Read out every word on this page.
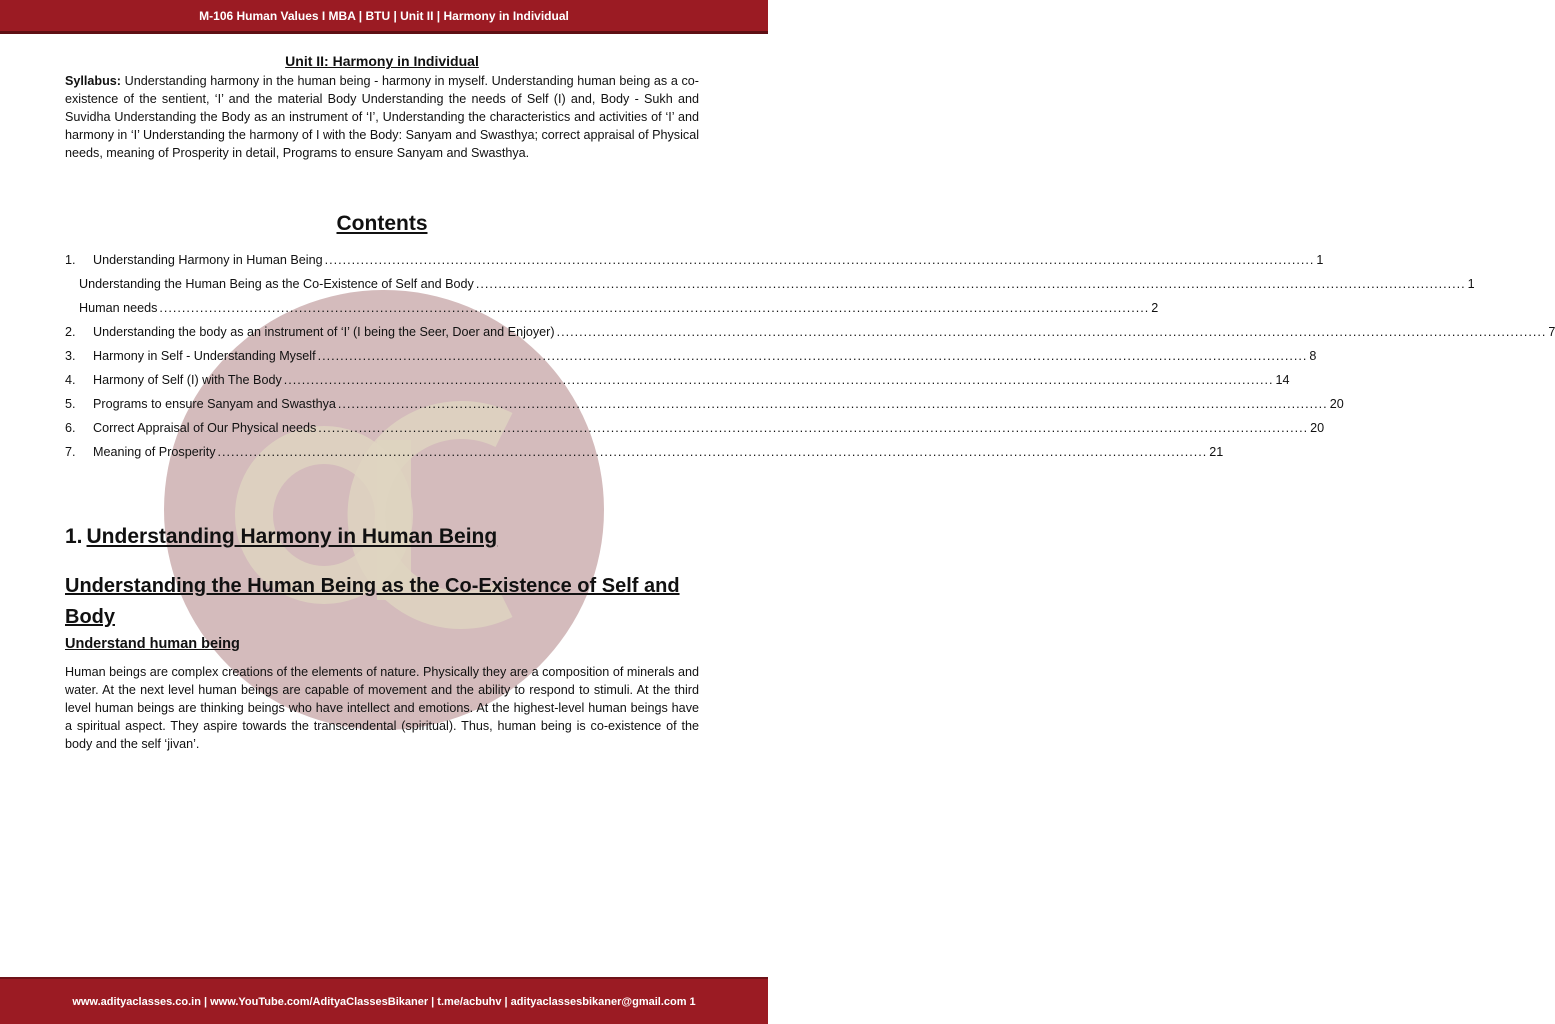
M-106 Human Values I MBA | BTU | Unit II | Harmony in Individual
Unit II: Harmony in Individual

Syllabus: Understanding harmony in the human being - harmony in myself. Understanding human being as a co-existence of the sentient, ‘I’ and the material Body Understanding the needs of Self (I) and, Body - Sukh and Suvidha Understanding the Body as an instrument of ‘I’, Understanding the characteristics and activities of ‘I’ and harmony in ‘I’ Understanding the harmony of I with the Body: Sanyam and Swasthya; correct appraisal of Physical needs, meaning of Prosperity in detail, Programs to ensure Sanyam and Swasthya.

Contents
1.	Understanding Harmony in Human Being ............................................................................................................................................................................................................................ 1
Understanding the Human Being as the Co-Existence of Self and Body ............................................................................................................................................................................................................................ 1
Human needs ............................................................................................................................................................................................................................ 2
2.	Understanding the body as an instrument of ‘I’ (I being the Seer, Doer and Enjoyer) ............................................................................................................................................................................................................................ 7
3.	Harmony in Self - Understanding Myself ............................................................................................................................................................................................................................ 8
4.	Harmony of Self (I) with The Body ............................................................................................................................................................................................................................ 14
5.	Programs to ensure Sanyam and Swasthya ............................................................................................................................................................................................................................ 20
6.	Correct Appraisal of Our Physical needs ............................................................................................................................................................................................................................ 20
7.	Meaning of Prosperity ............................................................................................................................................................................................................................ 21
1. Understanding Harmony in Human Being
Understanding the Human Being as the Co-Existence of Self and Body
Understand human being

Human beings are complex creations of the elements of nature. Physically they are a composition of minerals and water. At the next level human beings are capable of movement and the ability to respond to stimuli. At the third level human beings are thinking beings who have intellect and emotions. At the highest-level human beings have a spiritual aspect. They aspire towards the transcendental (spiritual). Thus, human being is co-existence of the body and the self ‘jivan’.

www.adityaclasses.co.in | www.YouTube.com/AdityaClassesBikaner | t.me/acbuhv | adityaclassesbikaner@gmail.com 1
